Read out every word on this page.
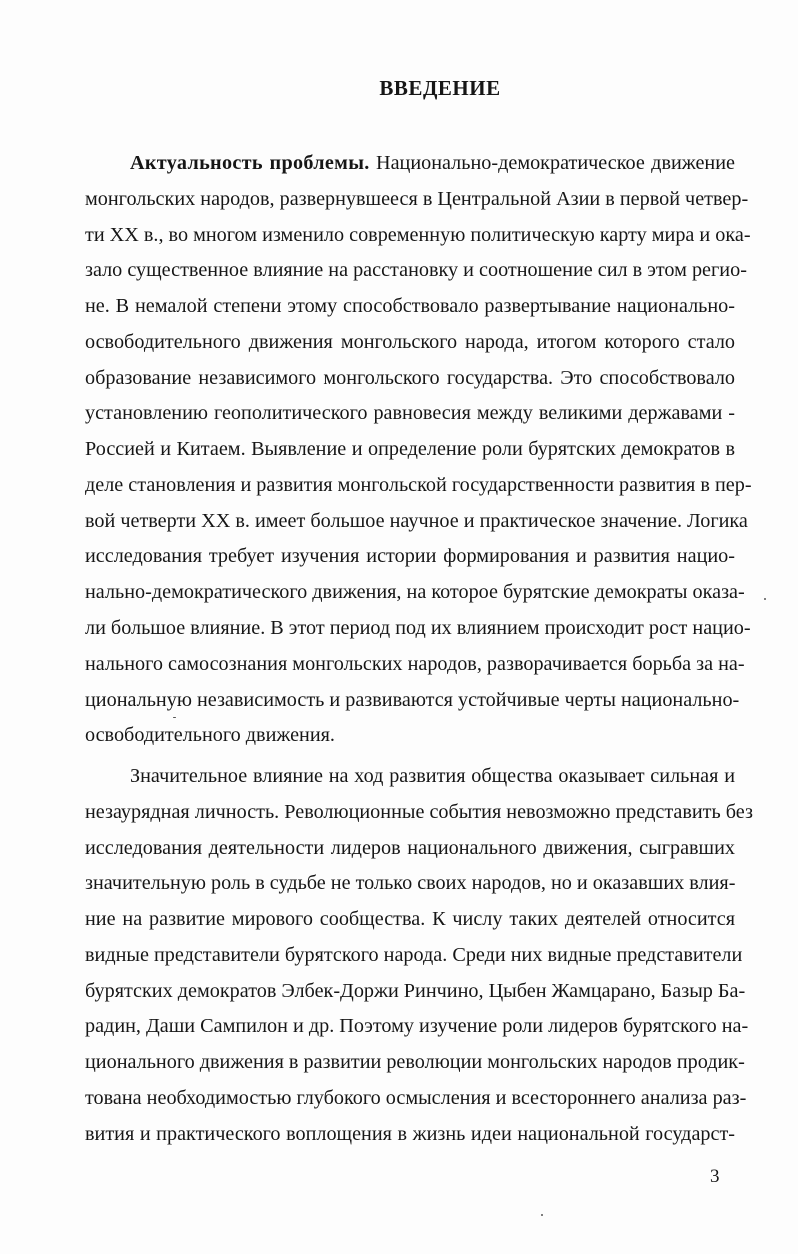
ВВЕДЕНИЕ

Актуальность проблемы. Национально-демократическое движение

монгольских народов, развернувшееся в Центральной Азии в первой четвер-

ти XX в., во многом изменило современную политическую карту мира и ока-

зало существенное влияние на расстановку и соотношение сил в этом регио-

не. В немалой степени этому способствовало развертывание национально-

освободительного движения монгольского народа, итогом которого стало

образование независимого монгольского государства. Это способствовало

установлению геополитического равновесия между великими державами -

Россией и Китаем. Выявление и определение роли бурятских демократов в

деле становления и развития монгольской государственности развития в пер-

вой четверти XX в. имеет большое научное и практическое значение. Логика

исследования требует изучения истории формирования и развития нацио-

нально-демократического движения, на которое бурятские демократы оказа-

ли большое влияние. В этот период под их влиянием происходит рост нацио-

нального самосознания монгольских народов, разворачивается борьба за на-

циональную независимость и развиваются устойчивые черты национально-

освободительного движения.

Значительное влияние на ход развития общества оказывает сильная и

незаурядная личность. Революционные события невозможно представить без

исследования деятельности лидеров национального движения, сыгравших

значительную роль в судьбе не только своих народов, но и оказавших влия-

ние на развитие мирового сообщества. К числу таких деятелей относится

видные представители бурятского народа. Среди них видные представители

бурятских демократов Элбек-Доржи Ринчино, Цыбен Жамцарано, Базыр Ба-

радин, Даши Сампилон и др. Поэтому изучение роли лидеров бурятского на-

ционального движения в развитии революции монгольских народов продик-

тована необходимостью глубокого осмысления и всестороннего анализа раз-

вития и практического воплощения в жизнь идеи национальной государст-

3
